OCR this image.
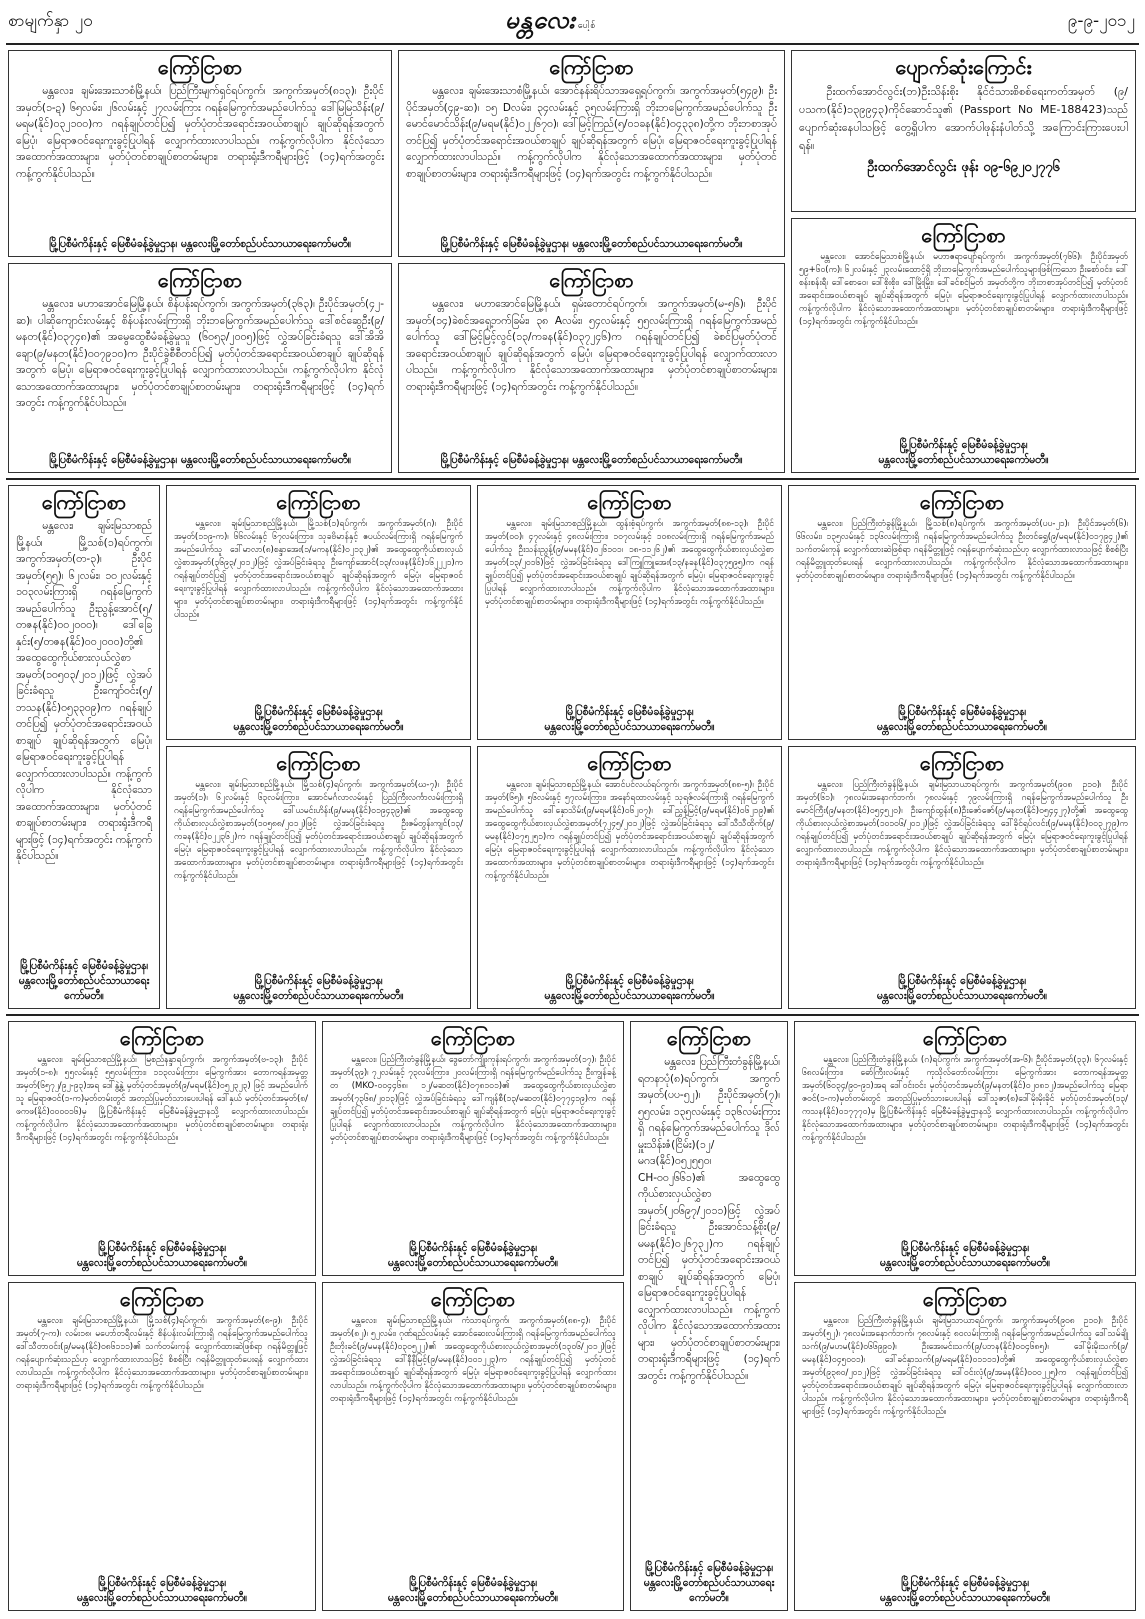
စာမျက်နှာ ၂၀	မန္တလေး ပေါ့စ်	၉-၉-၂၀၁၂
ကြော်ငြာစာ

မန္တလေး၊ ချမ်းအေးသာစံမြို့နယ်၊ ပြည်ကြီးမျက်ရှင်ရပ်ကွက်၊ အကွက်အမှတ်(၈၁၃)၊ ဦးပိုင်အမှတ်(၁-ဍ) ၆၅လမ်း၊ ၂၆လမ်းနှင့် ၂၇လမ်းကြား ဂရန်မြေကွက်အမည်ပေါက်သူ ဒေါ်မြမြသိန်း(၉/မရမ(နိုင်)၀၃၂၁၀၀)က ဂရန်ချုပ်တင်ပြ၍ မှတ်ပုံတင်အရောင်းအဝယ်စာချုပ် ချုပ်ဆိုရန်အတွက် မြေပုံ၊ မြေရာဇဝင်ရေးကူးခွင့်ပြုပါရန် လျှောက်ထားလာပါသည်။ ကန့်ကွက်လိုပါက နိုင်လုံသောအထောက်အထားများ၊ မှတ်ပုံတင်စာချုပ်စာတမ်းများ၊ တရားရုံးဒီကရီများဖြင့် (၁၄)ရက်အတွင်း ကန့်ကွက်နိုင်ပါသည်။

မြို့ပြစီမံကိန်းနှင့် မြေစီမံခန့်ခွဲမှုဌာန၊ မန္တလေးမြို့တော်စည်ပင်သာယာရေးကော်မတီ။
ကြော်ငြာစာ

မန္တလေး၊ ချမ်းအေးသာစံမြို့နယ်၊ အောင်နန်းရိပ်သာအရှေ့ရပ်ကွက်၊ အကွက်အမှတ်(၅၄၉)၊ ဦးပိုင်အမှတ်(၄၉-ဆ)၊ ၁၅ Dလမ်း၊ ၃၄လမ်းနှင့် ၃၅လမ်းကြားရှိ ဘိုးဘမြေကွက်အမည်ပေါက်သူ ဦးမောင်မောင်သိန်း(၉/မရမ(နိုင်)၀၂၂၆၇၀)၊ ဒေါ်မြင့်ကြည်(၅/၀၁ခန(နိုင်)၀၄၃၃၈)တို့က ဘိုးဘစာအုပ်တင်ပြ၍ မှတ်ပုံတင်အရောင်းအဝယ်စာချုပ် ချုပ်ဆိုရန်အတွက် မြေပုံ၊ မြေရာဇဝင်ရေးကူးခွင့်ပြုပါရန် လျှောက်ထားလာပါသည်။ ကန့်ကွက်လိုပါက နိုင်လုံသောအထောက်အထားများ၊ မှတ်ပုံတင်စာချုပ်စာတမ်းများ၊ တရားရုံးဒီကရီများဖြင့် (၁၄)ရက်အတွင်း ကန့်ကွက်နိုင်ပါသည်။

မြို့ပြစီမံကိန်းနှင့် မြေစီမံခန့်ခွဲမှုဌာန၊ မန္တလေးမြို့တော်စည်ပင်သာယာရေးကော်မတီ။
ပျောက်ဆုံးကြောင်း

ဦးထက်အောင်လွင်း(ဘ)ဦးသိန်းစိုး နိုင်ငံသားစိစစ်ရေးကတ်အမှတ် (၉/ပသက(နိုင်)၁၃၉၉၄၃)ကိုင်ဆောင်သူ၏ (Passport No ME-188423)သည် ပျောက်ဆုံးနေပါသဖြင့် တွေ့ရှိပါက အောက်ပါဖုန်းနံပါတ်သို့ အကြောင်းကြားပေးပါရန်။

ဦးထက်အောင်လွင်း ဖုန်း ၀၉-၆၉၂၀၂၇၇၆
ကြော်ငြာစာ

မန္တလေး၊ မဟာအောင်မြေမြို့နယ်၊ စိန်ပန်းရပ်ကွက်၊ အကွက်အမှတ်(၃၆၃)၊ ဦးပိုင်အမှတ်(၄၂-ဆ)၊ ပါဆိုကျောင်းလမ်းနှင့် စိန်ပန်းလမ်းကြားရှိ ဘိုးဘမြေကွက်အမည်ပေါက်သူ ဒေါ်စင်ဆွေဦး(၉/မနတ(နိုင်)၀၃၇၄၈)၏ အမွေထွေစီမံခန့်ခွဲမှုသူ (၆၀၅၃/၂၀၀၅)ဖြင့် လွှဲအပ်ခြင်းခံရသူ ဒေါ်အိအိချော(၉/မနတ(နိုင်)၀၀၇၉၁၀)က ဦးပိုင်ခွဲစီစီတင်ပြ၍ မှတ်ပုံတင်အရောင်းအဝယ်စာချုပ် ချုပ်ဆိုရန်အတွက် မြေပုံ၊ မြေရာဇဝင်ရေးကူးခွင့်ပြုပါရန် လျှောက်ထားလာပါသည်။ ကန့်ကွက်လိုပါက နိုင်လုံသောအထောက်အထားများ၊ မှတ်ပုံတင်စာချုပ်စာတမ်းများ၊ တရားရုံးဒီကရီများဖြင့် (၁၄)ရက်အတွင်း ကန့်ကွက်နိုင်ပါသည်။

မြို့ပြစီမံကိန်းနှင့် မြေစီမံခန့်ခွဲမှုဌာန၊ မန္တလေးမြို့တော်စည်ပင်သာယာရေးကော်မတီ။
ကြော်ငြာစာ

မန္တလေး၊ မဟာအောင်မြေမြို့နယ်၊ ရှမ်းတောင်ရပ်ကွက်၊ အကွက်အမှတ်(မ-၅၆)၊ ဦးပိုင်အမှတ်(၁၄)ခဲစင်အရှေ့ဘက်ခြမ်း၊ ၃၈ Aလမ်း၊ ၅၄လမ်းနှင့် ၅၅လမ်းကြားရှိ ဂရန်မြေကွက်အမည်ပေါက်သူ ဒေါ်မြင့်မြင့်လွင်(၁၃/ကခန(နိုင်)၀၃၇၂၄၆)က ဂရန်ချုပ်တင်ပြ၍ ခဲစင်ပြမှတ်ပုံတင်အရောင်းအဝယ်စာချုပ် ချုပ်ဆိုရန်အတွက် မြေပုံ၊ မြေရာဇဝင်ရေးကူးခွင့်ပြုပါရန် လျှောက်ထားလာပါသည်။ ကန့်ကွက်လိုပါက နိုင်လုံသောအထောက်အထားများ၊ မှတ်ပုံတင်စာချုပ်စာတမ်းများ၊ တရားရုံးဒီကရီများဖြင့် (၁၄)ရက်အတွင်း ကန့်ကွက်နိုင်ပါသည်။

မြို့ပြစီမံကိန်းနှင့် မြေစီမံခန့်ခွဲမှုဌာန၊ မန္တလေးမြို့တော်စည်ပင်သာယာရေးကော်မတီ။
ကြော်ငြာစာ

မန္တလေး၊ အောင်မြေသာစံမြို့နယ်၊ မဟာဧရာပျော်ရပ်ကွက်၊ အကွက်အမှတ်(၇၆၆)၊ ဦးပိုင်အမှတ် ၅၉+၆၀(က)၊ ၆၂လမ်းနှင့် ၂၃လမ်းထောင့်ရှိ ဘိုးဘမြေကွက်အမည်ပေါက်သူများဖြစ်ကြသော ဦးစော်ဝင်း၊ ဒေါ်စန်းစန်းရီ၊ ဒေါ်စောဝေ၊ ဒေါ်စိုးစိုး၊ ဒေါ်မြိုးမြိုး၊ ဒေါ်ခင်စင်မြတ် အမှတ်တို့က ဘိုးဘစာအုပ်တင်ပြ၍ မှတ်ပုံတင်အရောင်းအဝယ်စာချုပ် ချုပ်ဆိုရန်အတွက် မြေပုံ၊ မြေရာဇဝင်ရေးကူးခွင့်ပြုပါရန် လျှောက်ထားလာပါသည်။ ကန့်ကွက်လိုပါက နိုင်လုံသောအထောက်အထားများ၊ မှတ်ပုံတင်စာချုပ်စာတမ်းများ၊ တရားရုံးဒီကရီများဖြင့် (၁၄)ရက်အတွင်း ကန့်ကွက်နိုင်ပါသည်။

မြို့ပြစီမံကိန်းနှင့် မြေစီမံခန့်ခွဲမှုဌာန၊
မန္တလေးမြို့တော်စည်ပင်သာယာရေးကော်မတီ။
ကြော်ငြာစာ

မန္တလေး၊ ချမ်းမြသာစည်မြို့နယ်၊ မြို့သစ်(၁)ရပ်ကွက်၊ အကွက်အမှတ်(တ-၃)၊ ဦးပိုင်အမှတ်(၅၅)၊ ၆၂လမ်း၊ ၁၀၂လမ်းနှင့် ၁၀၃လမ်းကြားရှိ ဂရန်မြေကွက်အမည်ပေါက်သူ ဦးညွန့်အောင်(၅/တဇန(နိုင်)၀၀၂၀၀၀)၊ ဒေါ်ခြေနှင်း(၅/တဇန(နိုင်)၀၀၂၀၀၀)တို့၏ အထွေထွေကိုယ်စားလှယ်လွှဲစာအမှတ်(၁၀၅၀၃/၂၀၁၂)ဖြင့် လွှဲအပ်ခြင်းခံရသူ ဦးကျော်ဝင်း(၅/ဘသန(နိုင်)၀၅၃၃၀၉)က ဂရန်ချုပ်တင်ပြ၍ မှတ်ပုံတင်အရောင်းအဝယ်စာချုပ် ချုပ်ဆိုရန်အတွက် မြေပုံ၊ မြေရာဇဝင်ရေးကူးခွင့်ပြုပါရန် လျှောက်ထားလာပါသည်။ ကန့်ကွက်လိုပါက နိုင်လုံသောအထောက်အထားများ၊ မှတ်ပုံတင်စာချုပ်စာတမ်းများ၊ တရားရုံးဒီကရီများဖြင့် (၁၄)ရက်အတွင်း ကန့်ကွက်နိုင်ပါသည်။

မြို့ပြစီမံကိန်းနှင့် မြေစီမံခန့်ခွဲမှုဌာန၊
မန္တလေးမြို့တော်စည်ပင်သာယာရေးကော်မတီ။
ကြော်ငြာစာ

မန္တလေး၊ ချမ်းမြသာစည်မြို့နယ်၊ မြို့သစ်(၁)ရပ်ကွက်၊ အကွက်အမှတ်(ဂ)၊ ဦးပိုင်အမှတ်(၁၁၉-က)၊ ၆၆လမ်းနှင့် ၆၇လမ်းကြား၊ သုခဗိမာန်နှင့် ဧပယ်လမ်းကြားရှိ ဂရန်မြေကွက်အမည်ပေါက်သူ ဒေါ်မာလာ(၈)စန္ဒာအေး(၁/မကန(နိုင်)၀၂၁၃၂)၏ အထွေထွေကိုယ်စားလှယ်လွှဲစာအမှတ်(၃၆၉၃/၂၀၁၂)ဖြင့် လွှဲအပ်ခြင်းခံရသူ ဦးကျော်အောင်(၁၃/လဖန(နိုင်)၁၆၂၂၂၁)က ဂရန်ချုပ်တင်ပြ၍ မှတ်ပုံတင်အရောင်းအဝယ်စာချုပ် ချုပ်ဆိုရန်အတွက် မြေပုံ၊ မြေရာဇဝင်ရေးကူးခွင့်ပြုပါရန် လျှောက်ထားလာပါသည်။ ကန့်ကွက်လိုပါက နိုင်လုံသောအထောက်အထားများ၊ မှတ်ပုံတင်စာချုပ်စာတမ်းများ၊ တရားရုံးဒီကရီများဖြင့် (၁၄)ရက်အတွင်း ကန့်ကွက်နိုင်ပါသည်။

မြို့ပြစီမံကိန်းနှင့် မြေစီမံခန့်ခွဲမှုဌာန၊
မန္တလေးမြို့တော်စည်ပင်သာယာရေးကော်မတီ။
ကြော်ငြာစာ

မန္တလေး၊ ချမ်းမြသာစည်မြို့နယ်၊ ထွန်းစံ့ရပ်ကွက်၊ အကွက်အမှတ်(၈၈-၁၃)၊ ဦးပိုင်အမှတ်(၀၀)၊ ၄၇လမ်းနှင့် ၄၈လမ်းကြား၊ ၁၀၇လမ်းနှင့် ၁၀၈လမ်းကြားရှိ ဂရန်မြေကွက်အမည်ပေါက်သူ ဦးသန်းညွန့်(၉/မမန(နိုင်)၀၂၆၁၀၁၊ ၁၈-၁၁၂၆၂)၏ အထွေထွေကိုယ်စားလှယ်လွှဲစာအမှတ်(၁၃/၂၀၁၆)ဖြင့် လွှဲအပ်ခြင်းခံရသူ ဒေါ်ကြူကြူအေး(၁၃/နခန(နိုင်)၀၃၇၅၉၅)က ဂရန်ချုပ်တင်ပြ၍ မှတ်ပုံတင်အရောင်းအဝယ်စာချုပ် ချုပ်ဆိုရန်အတွက် မြေပုံ၊ မြေရာဇဝင်ရေးကူးခွင့်ပြုပါရန် လျှောက်ထားလာပါသည်။ ကန့်ကွက်လိုပါက နိုင်လုံသောအထောက်အထားများ၊ မှတ်ပုံတင်စာချုပ်စာတမ်းများ၊ တရားရုံးဒီကရီများဖြင့် (၁၄)ရက်အတွင်း ကန့်ကွက်နိုင်ပါသည်။

မြို့ပြစီမံကိန်းနှင့် မြေစီမံခန့်ခွဲမှုဌာန၊
မန္တလေးမြို့တော်စည်ပင်သာယာရေးကော်မတီ။
ကြော်ငြာစာ

မန္တလေး၊ ပြည်ကြီးတံခွန်မြို့နယ်၊ မြို့သစ်(၈)ရပ်ကွက်၊ အကွက်အမှတ်(ပပ-၂၁)၊ ဦးပိုင်အမှတ်(၆)၊ ၆၆လမ်း၊ ၁၃၅လမ်းနှင့် ၁၃၆လမ်းကြားရှိ ဂရန်မြေကွက်အမည်ပေါက်သူ ဦးတင်ရွှေ(၉/မရမ(နိုင်)၀၁၇၉၄၂)၏ သက်တမ်းကုန် လျှောက်ထားဆဲဖြစ်ရာ ဂရန်မိတ္တူဖြင့် ဂရန်ပျောက်ဆုံးသည်ဟု လျှောက်ထားလာသဖြင့် စိစစ်ပြီး ဂရန်မိတ္တူထုတ်ပေးရန် လျှောက်ထားလာပါသည်။ ကန့်ကွက်လိုပါက နိုင်လုံသောအထောက်အထားများ၊ မှတ်ပုံတင်စာချုပ်စာတမ်းများ၊ တရားရုံးဒီကရီများဖြင့် (၁၄)ရက်အတွင်း ကန့်ကွက်နိုင်ပါသည်။

မြို့ပြစီမံကိန်းနှင့် မြေစီမံခန့်ခွဲမှုဌာန၊
မန္တလေးမြို့တော်စည်ပင်သာယာရေးကော်မတီ။
ကြော်ငြာစာ

မန္တလေး၊ ချမ်းမြသာစည်မြို့နယ်၊ မြို့သစ်(၄)ရပ်ကွက်၊ အကွက်အမှတ်(ဃ-၇)၊ ဦးပိုင်အမှတ်(၁)၊ ၆၂လမ်းနှင့် ၆၃လမ်းကြား၊ အောင်မင်္ဂလာလမ်းနှင့် ပြည်ကြီးလင်္ကာလမ်းကြားရှိ ဂရန်မြေကွက်အမည်ပေါက်သူ ဒေါ်ယမင်းဟိန်း(၉/မမန(နိုင်)၀၁၉၄၃၉)၏ အထွေထွေကိုယ်စားလှယ်လွှဲစာအမှတ်(၁၀၅၈၈/၂၀၁၂)ဖြင့် လွှဲအပ်ခြင်းခံရသူ ဦးဇမ်တွန်းကျင်(၁၃/ကခန(နိုင်)၀၂၂၃၆၂)က ဂရန်ချုပ်တင်ပြ၍ မှတ်ပုံတင်အရောင်းအဝယ်စာချုပ် ချုပ်ဆိုရန်အတွက် မြေပုံ၊ မြေရာဇဝင်ရေးကူးခွင့်ပြုပါရန် လျှောက်ထားလာပါသည်။ ကန့်ကွက်လိုပါက နိုင်လုံသောအထောက်အထားများ၊ မှတ်ပုံတင်စာချုပ်စာတမ်းများ၊ တရားရုံးဒီကရီများဖြင့် (၁၄)ရက်အတွင်း ကန့်ကွက်နိုင်ပါသည်။

မြို့ပြစီမံကိန်းနှင့် မြေစီမံခန့်ခွဲမှုဌာန၊
မန္တလေးမြို့တော်စည်ပင်သာယာရေးကော်မတီ။
ကြော်ငြာစာ

မန္တလေး၊ ချမ်းမြသာစည်မြို့နယ်၊ အောင်ပင်လယ်ရပ်ကွက်၊ အကွက်အမှတ်(၈၈-၅)၊ ဦးပိုင်အမှတ်(၆၅)၊ ၅၆လမ်းနှင့် ၅၇လမ်းကြား၊ အနော်ရထာလမ်းနှင့် သုရဇ်လမ်းကြားရှိ ဂရန်မြေကွက်အမည်ပေါက်သူ ဒေါ်နှောသိမ်း(၉/မရမ(နိုင်)၀၆၂၀၇)၊ ဒေါ်ညွှန့်မြင့်(၉/မရမ(နိုင်)၀၆၂၁၉)၏ အထွေထွေကိုယ်စားလှယ်လွှဲစာအမှတ်(၇၂၄၅/၂၀၁၂)ဖြင့် လွှဲအပ်ခြင်းခံရသူ ဒေါ်သီသီထိုက်(၉/မမန(နိုင်)၀၇၅၂၅၁)က ဂရန်ချုပ်တင်ပြ၍ မှတ်ပုံတင်အရောင်းအဝယ်စာချုပ် ချုပ်ဆိုရန်အတွက် မြေပုံ၊ မြေရာဇဝင်ရေးကူးခွင့်ပြုပါရန် လျှောက်ထားလာပါသည်။ ကန့်ကွက်လိုပါက နိုင်လုံသောအထောက်အထားများ၊ မှတ်ပုံတင်စာချုပ်စာတမ်းများ၊ တရားရုံးဒီကရီများဖြင့် (၁၄)ရက်အတွင်း ကန့်ကွက်နိုင်ပါသည်။

မြို့ပြစီမံကိန်းနှင့် မြေစီမံခန့်ခွဲမှုဌာန၊
မန္တလေးမြို့တော်စည်ပင်သာယာရေးကော်မတီ။
ကြော်ငြာစာ

မန္တလေး၊ ပြည်ကြီးတံခွန်မြို့နယ်၊ ချမ်းမြသာယာရပ်ကွက်၊ အကွက်အမှတ်(၉၀၈ ဥ၁၀)၊ ဦးပိုင်အမှတ်(၆၁)၊ ၇၈လမ်းအနောက်ဘက်၊ ၇၈လမ်းနှင့် ၇၉လမ်းကြားရှိ ဂရန်မြေကွက်အမည်ပေါက်သူ ဦးမောင်ကြီး(၉/မနတ(နိုင်)၀၅၄၅၂၀)၊ ဦးကျော်ထွန်း(၈)ဦးဇော်ဇော်(၉/မနတ(နိုင်)၀၅၄၄၂၇)တို့၏ အထွေထွေကိုယ်စားလှယ်လွှဲစာအမှတ်(၁၀၁၀၆/၂၀၁၂)ဖြင့် လွှဲအပ်ခြင်းခံရသူ ဒေါ်ခိုင်ရုပ်လင်း(၉/မမန(နိုင်)၀၀၃၂၇၉)က ဂရန်ချုပ်တင်ပြ၍ မှတ်ပုံတင်အရောင်းအဝယ်စာချုပ် ချုပ်ဆိုရန်အတွက် မြေပုံ၊ မြေရာဇဝင်ရေးကူးခွင့်ပြုပါရန် လျှောက်ထားလာပါသည်။ ကန့်ကွက်လိုပါက နိုင်လုံသောအထောက်အထားများ၊ မှတ်ပုံတင်စာချုပ်စာတမ်းများ၊ တရားရုံးဒီကရီများဖြင့် (၁၄)ရက်အတွင်း ကန့်ကွက်နိုင်ပါသည်။

မြို့ပြစီမံကိန်းနှင့် မြေစီမံခန့်ခွဲမှုဌာန၊
မန္တလေးမြို့တော်စည်ပင်သာယာရေးကော်မတီ။
ကြော်ငြာစာ

မန္တလေး၊ ချမ်းမြသာစည်မြို့နယ်၊ မြစည်နန္ဒာရပ်ကွက်၊ အကွက်အမှတ်(ဗ-၁၃)၊ ဦးပိုင်အမှတ်(၁-၈)၊ ၅၅လမ်းနှင့် ၅၅လမ်းကြား၊ ၁၁၃လမ်းကြား မြေကွက်အား တောကရန်အမှတ္တအမှတ်(၆၅၇၂/၉၂-၉၃)အရ ဒေါ်နွဲ့နွဲ့ မှတ်ပုံတင်အမှတ်(၉/မရမ(နိုင်)၀၅၂၃၂၃) ဖြင့် အမည်ပေါက်သူ မြေရာဇဝင်(၁-က)မှတ်တမ်းတွင် အတည်ပြုမှတ်သားပေးပါရန် ဒေါ်နှယ် မှတ်ပုံတင်အမှတ်(၈/ဖကဖ(နိုင်)၀၀၀၀၁၆)မှ မြို့ပြစီမံကိန်းနှင့် မြေစီမံခန့်ခွဲမှုဌာနသို့ လျှောက်ထားလာပါသည်။ ကန့်ကွက်လိုပါက နိုင်လုံသောအထောက်အထားများ၊ မှတ်ပုံတင်စာချုပ်စာတမ်းများ၊ တရားရုံးဒီကရီများဖြင့် (၁၄)ရက်အတွင်း ကန့်ကွက်နိုင်ပါသည်။

မြို့ပြစီမံကိန်းနှင့် မြေစီမံခန့်ခွဲမှုဌာန၊
မန္တလေးမြို့တော်စည်ပင်သာယာရေးကော်မတီ။
ကြော်ငြာစာ

မန္တလေး၊ ပြည်ကြီးတံခွန်မြို့နယ်၊ ဒွေတော်ကျိုးကုန်းရပ်ကွက်၊ အကွက်အမှတ်(၁၇)၊ ဦးပိုင်အမှတ်(၃၉)၊ ၇၂လမ်းနှင့် ၇၃လမ်းကြား၊ ၂၀လမ်းကြားရှိ ဂရန်မြေကွက်မည်ပေါက်သူ ဦးကျွန်ခန့်တ (MKO-၀၀၄၄၆၈၊ ၁၂/မဆတ(နိုင်)၀၇၈၁၀၁)၏ အထွေထွေကိုယ်စားလှယ်လွှဲစာအမှတ်(၇၃၆၈/၂၀၁၃)ဖြင့် လွှဲအပ်ခြင်းခံရသူ ဒေါ်ကျန်စီ(၁၃/မဆတ(နိုင်)၀၇၇၄၁၉)က ဂရန်ချုပ်တင်ပြ၍ မှတ်ပုံတင်အရောင်းအဝယ်စာချုပ် ချုပ်ဆိုရန်အတွက် မြေပုံ၊ မြေရာဇဝင်ရေးကူးခွင့်ပြုပါရန် လျှောက်ထားလာပါသည်။ ကန့်ကွက်လိုပါက နိုင်လုံသောအထောက်အထားများ၊ မှတ်ပုံတင်စာချုပ်စာတမ်းများ၊ တရားရုံးဒီကရီများဖြင့် (၁၄)ရက်အတွင်း ကန့်ကွက်နိုင်ပါသည်။

မြို့ပြစီမံကိန်းနှင့် မြေစီမံခန့်ခွဲမှုဌာန၊
မန္တလေးမြို့တော်စည်ပင်သာယာရေးကော်မတီ။
ကြော်ငြာစာ

မန္တလေး၊ ပြည်ကြီးတံခွန်မြို့နယ်၊ ရတနာပုံ(၈)ရပ်ကွက်၊ အကွက်အမှတ်(ပပ-၅၂)၊ ဦးပိုင်အမှတ်(၇)၊ ၅၅လမ်း၊ ၁၃၅လမ်းနှင့် ၁၃၆လမ်းကြားရှိ ဂရန်မြေကွက်အမည်ပေါက်သူ ဒိုလ်မှူးသိန်းဇံ(ငြိမ်း)(၁၂/မဂဒ(နိုင်)၀၅၂၅၅၀၊ CH-၀၀၂၆၆၁)၏ အထွေထွေကိုယ်စားလှယ်လွှဲစာအမှတ်(၂၀၆၉၇/၂၀၁၁)ဖြင့် လွှဲအပ်ခြင်းခံရသူ ဦးအောင်သန့်စိုး(၉/မမန(နိုင်)၀၂၆၇၃၂)က ဂရန်ချုပ်တင်ပြ၍ မှတ်ပုံတင်အရောင်းအဝယ်စာချုပ် ချုပ်ဆိုရန်အတွက် မြေပုံ၊ မြေရာဇဝင်ရေးကူးခွင့်ပြုပါရန် လျှောက်ထားလာပါသည်။ ကန့်ကွက်လိုပါက နိုင်လုံသောအထောက်အထားများ၊ မှတ်ပုံတင်စာချုပ်စာတမ်းများ၊ တရားရုံးဒီကရီများဖြင့် (၁၄)ရက်အတွင်း ကန့်ကွက်နိုင်ပါသည်။

မြို့ပြစီမံကိန်းနှင့် မြေစီမံခန့်ခွဲမှုဌာန၊
မန္တလေးမြို့တော်စည်ပင်သာယာရေးကော်မတီ။
ကြော်ငြာစာ

မန္တလေး၊ ပြည်ကြီးတံခွန်မြို့နယ်၊ (ဂ)ရပ်ကွက်၊ အကွက်အမှတ်(အ-၆)၊ ဦးပိုင်အမှတ်(၃၃)၊ ၆၇လမ်းနှင့် ၆၈လမ်းကြား၊ ဓော်ကြီးလမ်းနှင့် ကုသိုလ်တော်လမ်းကြား မြေကွက်အား တောကရန်အမှတ္တအမှတ်(၆၀၃၄/၉၀-၉၁)အရ ဒေါ်ဝင်းဝင်း မှတ်ပုံတင်အမှတ်(၉/မနတ(နိုင်)၀၂၀၈၁၂)အမည်ပေါက်သူ မြေရာဇဝင်(၁-က)မှတ်တမ်းတွင် အတည်ပြုမှတ်သားပေးပါရန် ဒေါ်သူဇာ(၈)ဒေါ်မိုးမိုးခိုင် မှတ်ပုံတင်အမှတ်(၁၃/ကသန(နိုင်)၀၁၇၇၇၀)မှ မြို့ပြစီမံကိန်းနှင့် မြေစီမံခန့်ခွဲမှုဌာနသို့ လျှောက်ထားလာပါသည်။ ကန့်ကွက်လိုပါက နိုင်လုံသောအထောက်အထားများ၊ မှတ်ပုံတင်စာချုပ်စာတမ်းများ၊ တရားရုံးဒီကရီများဖြင့် (၁၄)ရက်အတွင်း ကန့်ကွက်နိုင်ပါသည်။

မြို့ပြစီမံကိန်းနှင့် မြေစီမံခန့်ခွဲမှုဌာန၊
မန္တလေးမြို့တော်စည်ပင်သာယာရေးကော်မတီ။
ကြော်ငြာစာ

မန္တလေး၊ ချမ်းမြသာစည်မြို့နယ်၊ မြို့သစ်(၄)ရပ်ကွက်၊ အကွက်အမှတ်(၈-၉)၊ ဦးပိုင်အမှတ်(၇-က)၊ လမ်း၁၈၊ မဟော်တရီလမ်းနှင့် စိန်ပန်းလမ်းကြားရှိ ဂရန်မြေကွက်အမည်ပေါက်သူ ဒေါ်သီတာဝင်း(၉/မမန(နိုင်)၀၈၆၁၁၁)၏ သက်တမ်းကုန် လျှောက်ထားဆဲဖြစ်ရာ ဂရန်မိတ္တူဖြင့် ဂရန်ပျောက်ဆုံးသည်ဟု လျှောက်ထားလာသဖြင့် စိစစ်ပြီး ဂရန်မိတ္တူထုတ်ပေးရန် လျှောက်ထားလာပါသည်။ ကန့်ကွက်လိုပါက နိုင်လုံသောအထောက်အထားများ၊ မှတ်ပုံတင်စာချုပ်စာတမ်းများ၊ တရားရုံးဒီကရီများဖြင့် (၁၄)ရက်အတွင်း ကန့်ကွက်နိုင်ပါသည်။

မြို့ပြစီမံကိန်းနှင့် မြေစီမံခန့်ခွဲမှုဌာန၊
မန္တလေးမြို့တော်စည်ပင်သာယာရေးကော်မတီ။
ကြော်ငြာစာ

မန္တလေး၊ ချမ်းမြသာစည်မြို့နယ်၊ ကံသာရပ်ကွက်၊ အကွက်အမှတ်(၈၈-၄)၊ ဦးပိုင်အမှတ်(၈၂)၊ ၅၂လမ်း၊ ဂုဏ်ရည်လမ်းနှင့် အောင်ဆေးလမ်းကြားရှိ ဂရန်မြေကွက်အမည်ပေါက်သူ ဦးဘိုးခင်(၉/မမန(နိုင်)၀၃၀၅၂၂)၏ အထွေထွေကိုယ်စားလှယ်လွှဲစာအမှတ်(၁၃၀၆/၂၀၁၂)ဖြင့် လွှဲအပ်ခြင်းခံရသူ ဒေါ်နီနီမြင့်(၉/မမန(နိုင်)၀၀၁၂၂၃)က ဂရန်ချုပ်တင်ပြ၍ မှတ်ပုံတင်အရောင်းအဝယ်စာချုပ် ချုပ်ဆိုရန်အတွက် မြေပုံ၊ မြေရာဇဝင်ရေးကူးခွင့်ပြုပါရန် လျှောက်ထားလာပါသည်။ ကန့်ကွက်လိုပါက နိုင်လုံသောအထောက်အထားများ၊ မှတ်ပုံတင်စာချုပ်စာတမ်းများ၊ တရားရုံးဒီကရီများဖြင့် (၁၄)ရက်အတွင်း ကန့်ကွက်နိုင်ပါသည်။

မြို့ပြစီမံကိန်းနှင့် မြေစီမံခန့်ခွဲမှုဌာန၊
မန္တလေးမြို့တော်စည်ပင်သာယာရေးကော်မတီ။
ကြော်ငြာစာ

မန္တလေး၊ ပြည်ကြီးတံခွန်မြို့နယ်၊ ချမ်းမြသာယာရပ်ကွက်၊ အကွက်အမှတ်(၉၀၈ ဥ၁၀)၊ ဦးပိုင်အမှတ်(၅၂)၊ ၇၈လမ်းအနောက်ဘက်၊ ၇၈လမ်းနှင့် ၈၀လမ်းကြားရှိ ဂရန်မြေကွက်အမည်ပေါက်သူ ဒေါ်သမ်ချိုသက်(၉/မဟမ(နိုင်)၀၆၆၉၉၀)၊ ဦးအေးမင်းသက်(၉/ပဘန(နိုင်)၀၀၄၆၈၅)၊ ဒေါ်မိုးမိုးသက်(၉/မမန(နိုင်)၀၄၅၀၀၁)၊ ဒေါ်ခင်နှာသက်(၉/မရမ(နိုင်)၀၁၁၁၁)တို့၏ အထွေထွေကိုယ်စားလှယ်လွှဲစာအမှတ်(၉၃၈၀/၂၀၁၂)ဖြင့် လွှဲအပ်ခြင်းခံရသူ ဒေါ်ဝင်းလုံ(၉/အမန(နိုင်)၀၀၀၂၂၅)က ဂရန်ချုပ်တင်ပြ၍ မှတ်ပုံတင်အရောင်းအဝယ်စာချုပ် ချုပ်ဆိုရန်အတွက် မြေပုံ၊ မြေရာဇဝင်ရေးကူးခွင့်ပြုပါရန် လျှောက်ထားလာပါသည်။ ကန့်ကွက်လိုပါက နိုင်လုံသောအထောက်အထားများ၊ မှတ်ပုံတင်စာချုပ်စာတမ်းများ၊ တရားရုံးဒီကရီများဖြင့် (၁၄)ရက်အတွင်း ကန့်ကွက်နိုင်ပါသည်။

မြို့ပြစီမံကိန်းနှင့် မြေစီမံခန့်ခွဲမှုဌာန၊
မန္တလေးမြို့တော်စည်ပင်သာယာရေးကော်မတီ။
